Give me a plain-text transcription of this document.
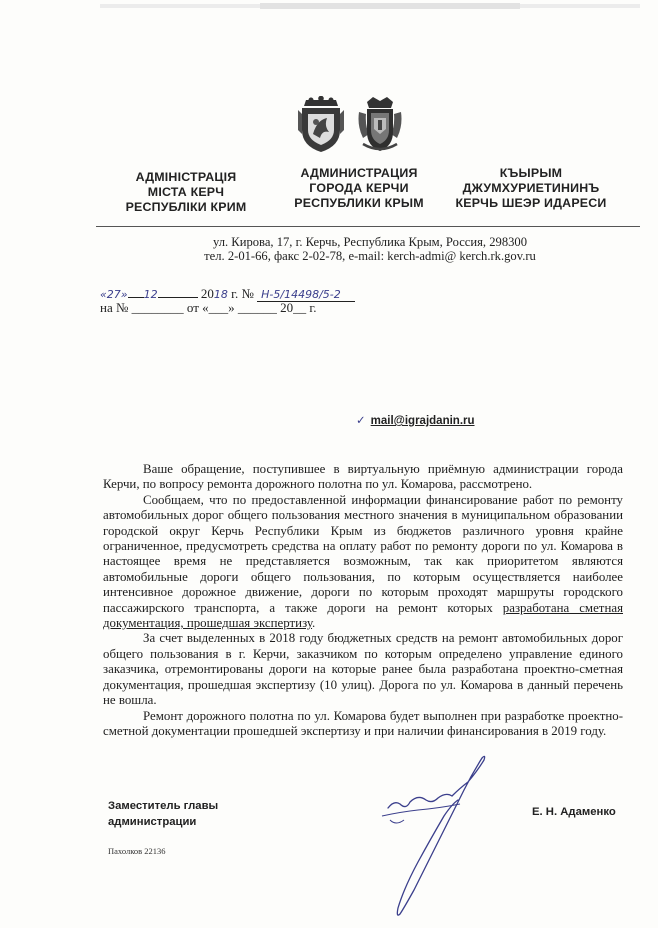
АДМІНІСТРАЦІЯ
МІСТА КЕРЧ
РЕСПУБЛІКИ КРИМ
АДМИНИСТРАЦИЯ
ГОРОДА КЕРЧИ
РЕСПУБЛИКИ КРЫМ
КЪЫРЫМ
ДЖУМХУРИЕТИНИНЪ
КЕРЧЬ ШЕЭР ИДАРЕСИ
ул. Кирова, 17, г. Керчь, Республика Крым, Россия, 298300
тел. 2-01-66, факс 2-02-78, e-mail: kerch-admi@ kerch.rk.gov.ru
«27» 12	2018 г. № Н-5/14498/5-2
на № ________ от «___» ______ 20__ г.
✓ mail@igrajdanin.ru

Ваше обращение, поступившее в виртуальную приёмную администрации города Керчи, по вопросу ремонта дорожного полотна по ул. Комарова, рассмотрено.

Сообщаем, что по предоставленной информации финансирование работ по ремонту автомобильных дорог общего пользования местного значения в муниципальном образовании городской округ Керчь Республики Крым из бюджетов различного уровня крайне ограниченное, предусмотреть средства на оплату работ по ремонту дороги по ул. Комарова в настоящее время не представляется возможным, так как приоритетом являются автомобильные дороги общего пользования, по которым осуществляется наиболее интенсивное дорожное движение, дороги по которым проходят маршруты городского пассажирского транспорта, а также дороги на ремонт которых разработана сметная документация, прошедшая экспертизу.

За счет выделенных в 2018 году бюджетных средств на ремонт автомобильных дорог общего пользования в г. Керчи, заказчиком по которым определено управление единого заказчика, отремонтированы дороги на которые ранее была разработана проектно-сметная документация, прошедшая экспертизу (10 улиц). Дорога по ул. Комарова в данный перечень не вошла.

Ремонт дорожного полотна по ул. Комарова будет выполнен при разработке проектно-сметной документации прошедшей экспертизу и при наличии финансирования в 2019 году.

Заместитель главы
администрации
Е. Н. Адаменко
Пахолков 22136
